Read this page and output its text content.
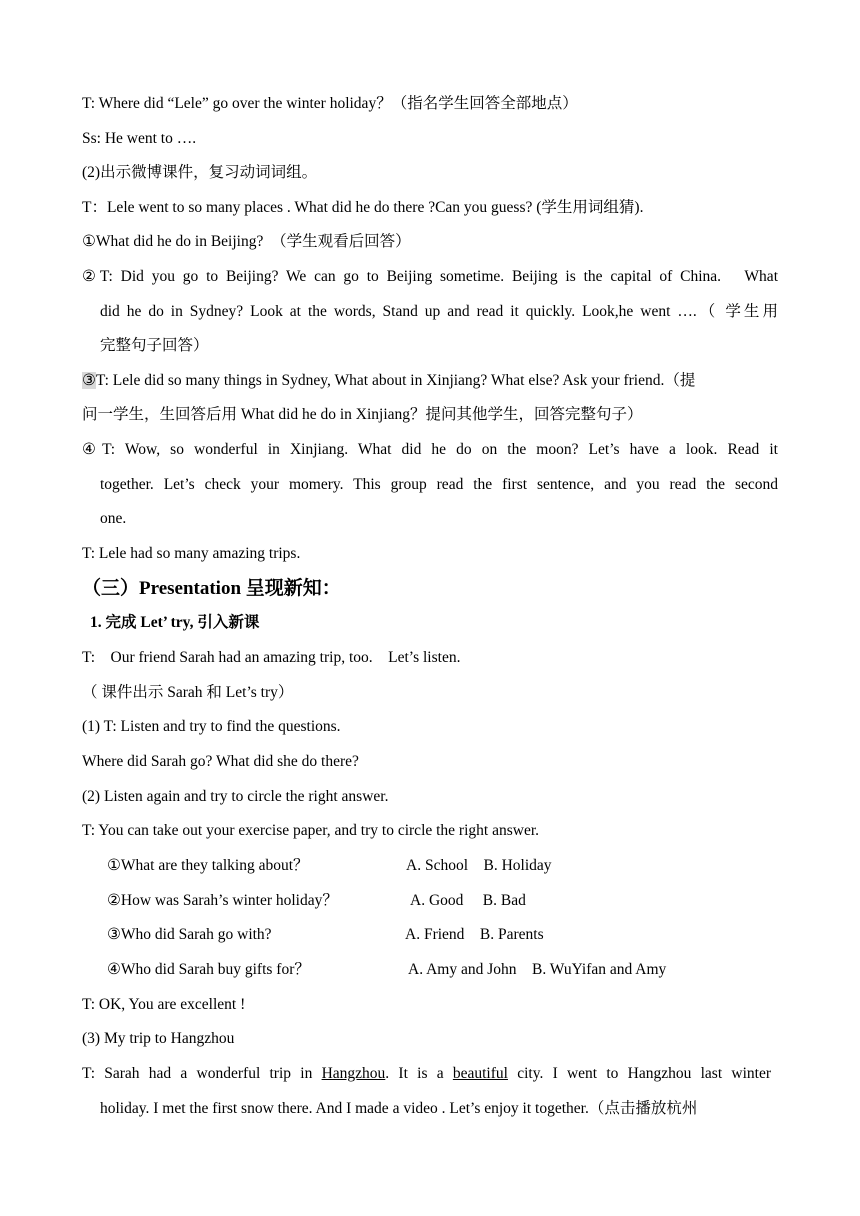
T: Where did “Lele” go over the winter holiday？（指名学生回答全部地点）
Ss: He went to ….
(2)出示微博课件，复习动词词组。
T：Lele went to so many places . What did he do there ?Can you guess? (学生用词组猜).
①What did he do in Beijing?　（学生观看后回答）
②T: Did you go to Beijing? We can go to Beijing sometime. Beijing is the capital of China.　What
did he do in Sydney? Look at the words, Stand up and read it quickly. Look,he went ….（ 学生用
完整句子回答）
③T: Lele did so many things in Sydney, What about in Xinjiang? What else? Ask your friend.（提
问一学生，生回答后用 What did he do in Xinjiang？提问其他学生，回答完整句子）
④T: Wow, so wonderful in Xinjiang. What did he do on the moon? Let’s have a look. Read it
together. Let’s check your momery. This group read the first sentence, and you read the second
one.
T: Lele had so many amazing trips.
（三）Presentation 呈现新知：
1. 完成 Let’ try, 引入新课
T:　Our friend Sarah had an amazing trip, too.　Let’s listen.
（ 课件出示 Sarah 和 Let’s try）
(1) T: Listen and try to find the questions.
Where did Sarah go? What did she do there?
(2) Listen again and try to circle the right answer.
T: You can take out your exercise paper, and try to circle the right answer.
①What are they talking about？	A. School　B. Holiday
②How was Sarah’s winter holiday？	A. Good　 B. Bad
③Who did Sarah go with?	A. Friend　B. Parents
④Who did Sarah buy gifts for？	A. Amy and John　B. WuYifan and Amy
T: OK, You are excellent !
(3) My trip to Hangzhou
T: Sarah had a wonderful trip in Hangzhou. It is a beautiful city. I went to Hangzhou last winter
holiday. I met the first snow there. And I made a video . Let’s enjoy it together.（点击播放杭州
